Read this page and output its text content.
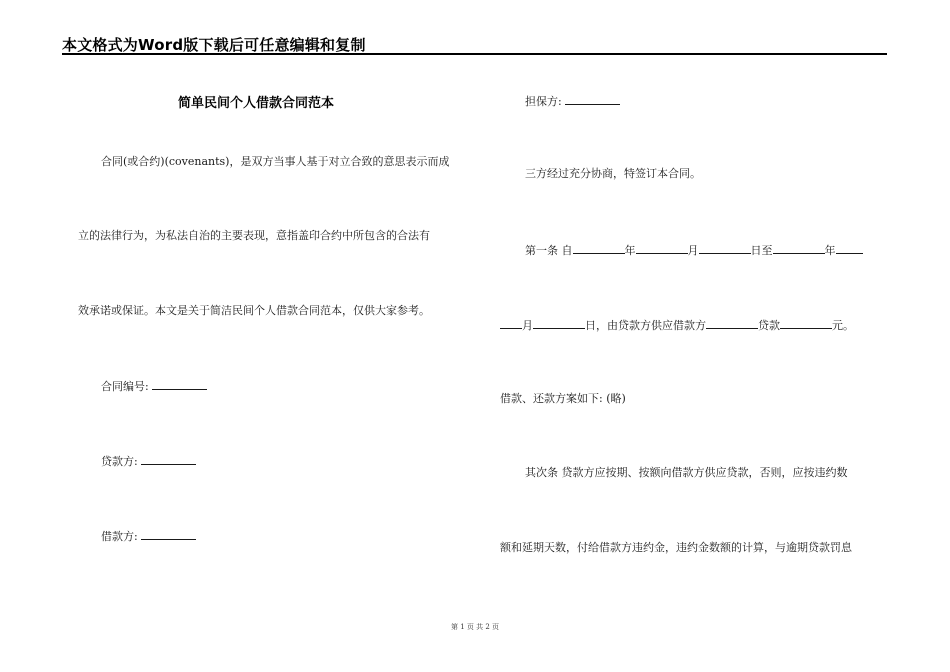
本文格式为Word版下载后可任意编辑和复制
简单民间个人借款合同范本
合同(或合约)(covenants)，是双方当事人基于对立合致的意思表示而成
立的法律行为，为私法自治的主要表现，意指盖印合约中所包含的合法有
效承诺或保证。本文是关于简洁民间个人借款合同范本，仅供大家参考。
合同编号:
贷款方:
借款方:
担保方:
三方经过充分协商，特签订本合同。
第一条 自	年	月	日至	年
月	日，由贷款方供应借款方	贷款	元。
借款、还款方案如下: (略)
其次条 贷款方应按期、按额向借款方供应贷款，否则，应按违约数
额和延期天数，付给借款方违约金，违约金数额的计算，与逾期贷款罚息
第 1 页 共 2 页
